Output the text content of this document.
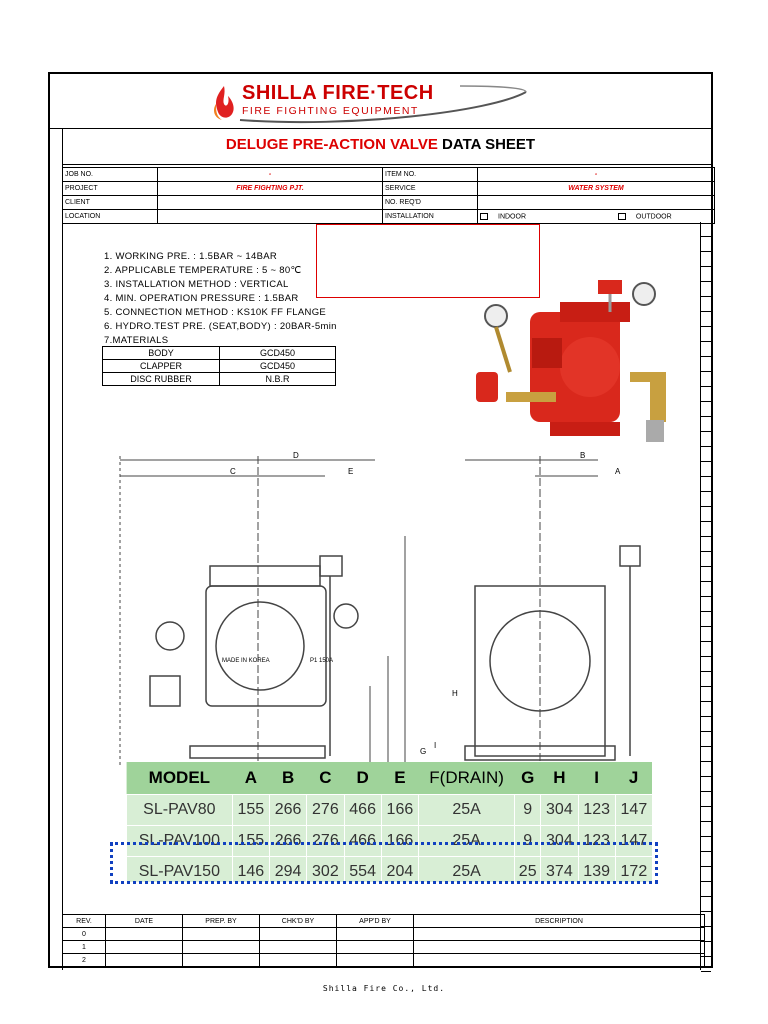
SHILLA FIRE·TECH
FIRE FIGHTING EQUIPMENT
DELUGE PRE-ACTION VALVE DATA SHEET
JOB NO.	-	ITEM NO.	-
PROJECT	FIRE FIGHTING PJT.	SERVICE	WATER SYSTEM
CLIENT		NO. REQ'D	
LOCATION		INSTALLATION	INDOOR OUTDOOR
1. WORKING PRE. : 1.5BAR ~ 14BAR
2. APPLICABLE TEMPERATURE : 5 ~ 80℃
3. INSTALLATION METHOD : VERTICAL
4. MIN. OPERATION PRESSURE : 1.5BAR
5. CONNECTION METHOD : KS10K FF FLANGE
6. HYDRO.TEST PRE. (SEAT,BODY) : 20BAR-5min
7.MATERIALS
BODY	GCD450
CLAPPER	GCD450
DISC RUBBER	N.B.R
D
C	E
B
A
H
I
G
MADE IN KOREA	P1 150A
MODEL	A	B	C	D	E	F(DRAIN)	G	H	I	J
SL-PAV80	155	266	276	466	166	25A	9	304	123	147
SL-PAV100	155	266	276	466	166	25A	9	304	123	147
SL-PAV150	146	294	302	554	204	25A	25	374	139	172
REV.	DATE	PREP. BY	CHK'D BY	APP'D BY	DESCRIPTION
0					
1					
2					
Shilla Fire Co., Ltd.
